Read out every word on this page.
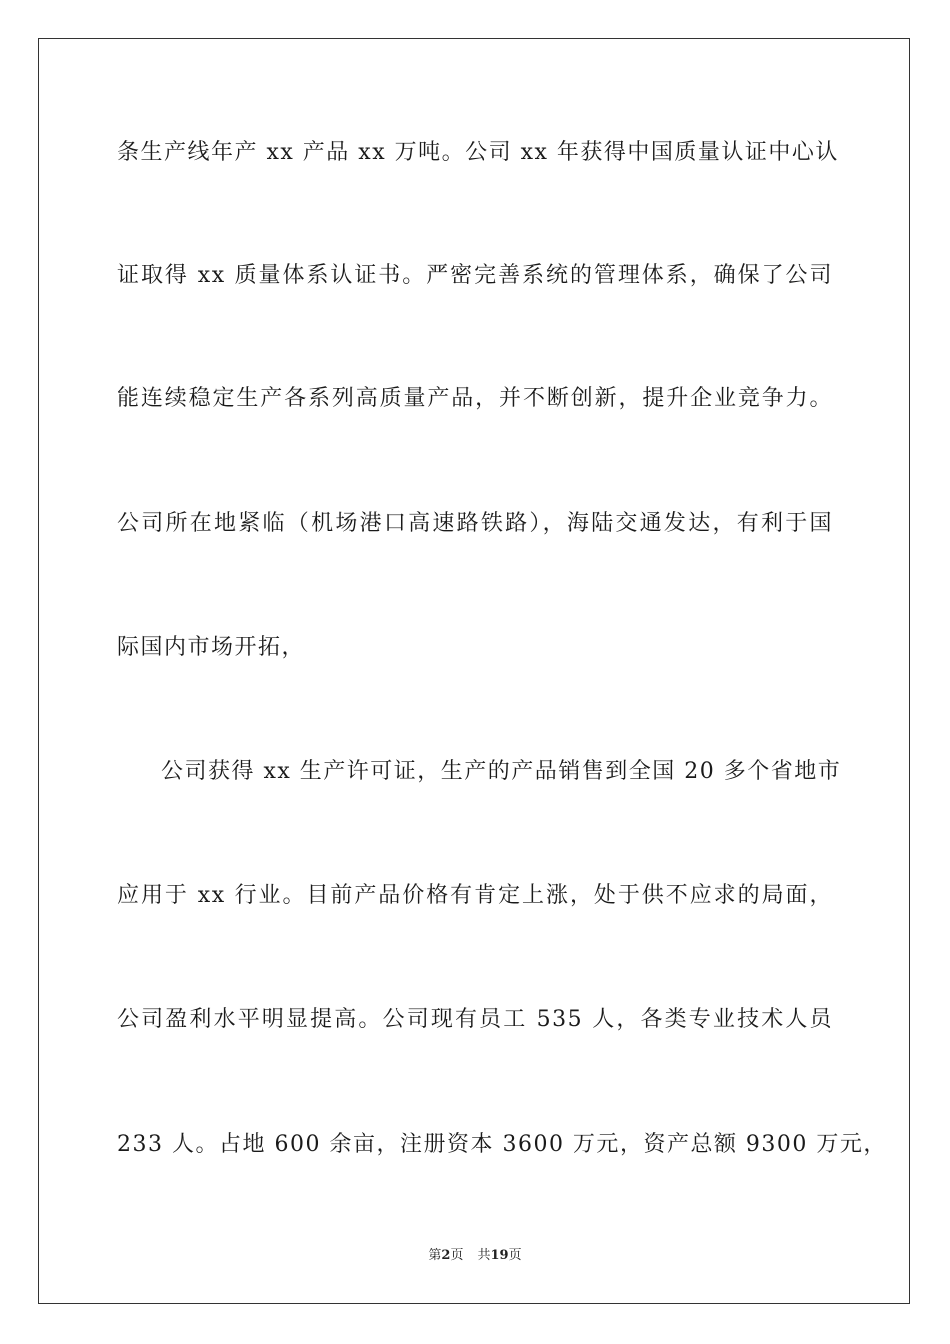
条生产线年产 xx 产品 xx 万吨。公司 xx 年获得中国质量认证中心认
证取得 xx 质量体系认证书。严密完善系统的管理体系，确保了公司
能连续稳定生产各系列高质量产品，并不断创新，提升企业竞争力。
公司所在地紧临（机场港口高速路铁路），海陆交通发达，有利于国
际国内市场开拓，
公司获得 xx 生产许可证，生产的产品销售到全国 20 多个省地市
应用于 xx 行业。目前产品价格有肯定上涨，处于供不应求的局面，
公司盈利水平明显提高。公司现有员工 535 人，各类专业技术人员
233 人。占地 600 余亩，注册资本 3600 万元，资产总额 9300 万元，
第2页 共19页
